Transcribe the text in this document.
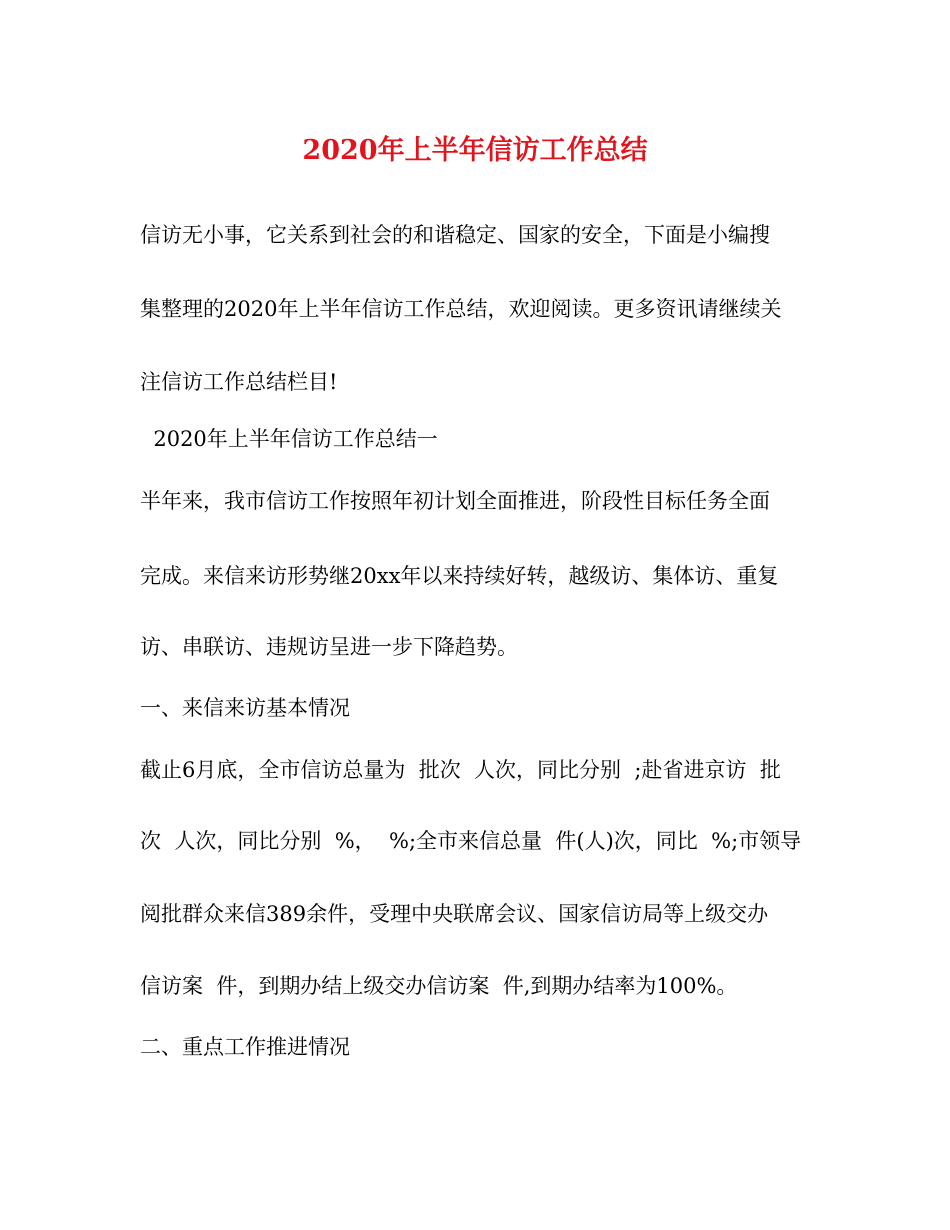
2020年上半年信访工作总结
信访无小事，它关系到社会的和谐稳定、国家的安全，下面是小编搜
集整理的2020年上半年信访工作总结，欢迎阅读。更多资讯请继续关
注信访工作总结栏目!
2020年上半年信访工作总结一
半年来，我市信访工作按照年初计划全面推进，阶段性目标任务全面
完成。来信来访形势继20xx年以来持续好转，越级访、集体访、重复
访、串联访、违规访呈进一步下降趋势。
一、来信来访基本情况
截止6月底，全市信访总量为  批次  人次，同比分别  ;赴省进京访  批
次  人次，同比分别  %，  %;全市来信总量  件(人)次，同比  %;市领导
阅批群众来信389余件，受理中央联席会议、国家信访局等上级交办
信访案  件，到期办结上级交办信访案  件,到期办结率为100%。
二、重点工作推进情况
